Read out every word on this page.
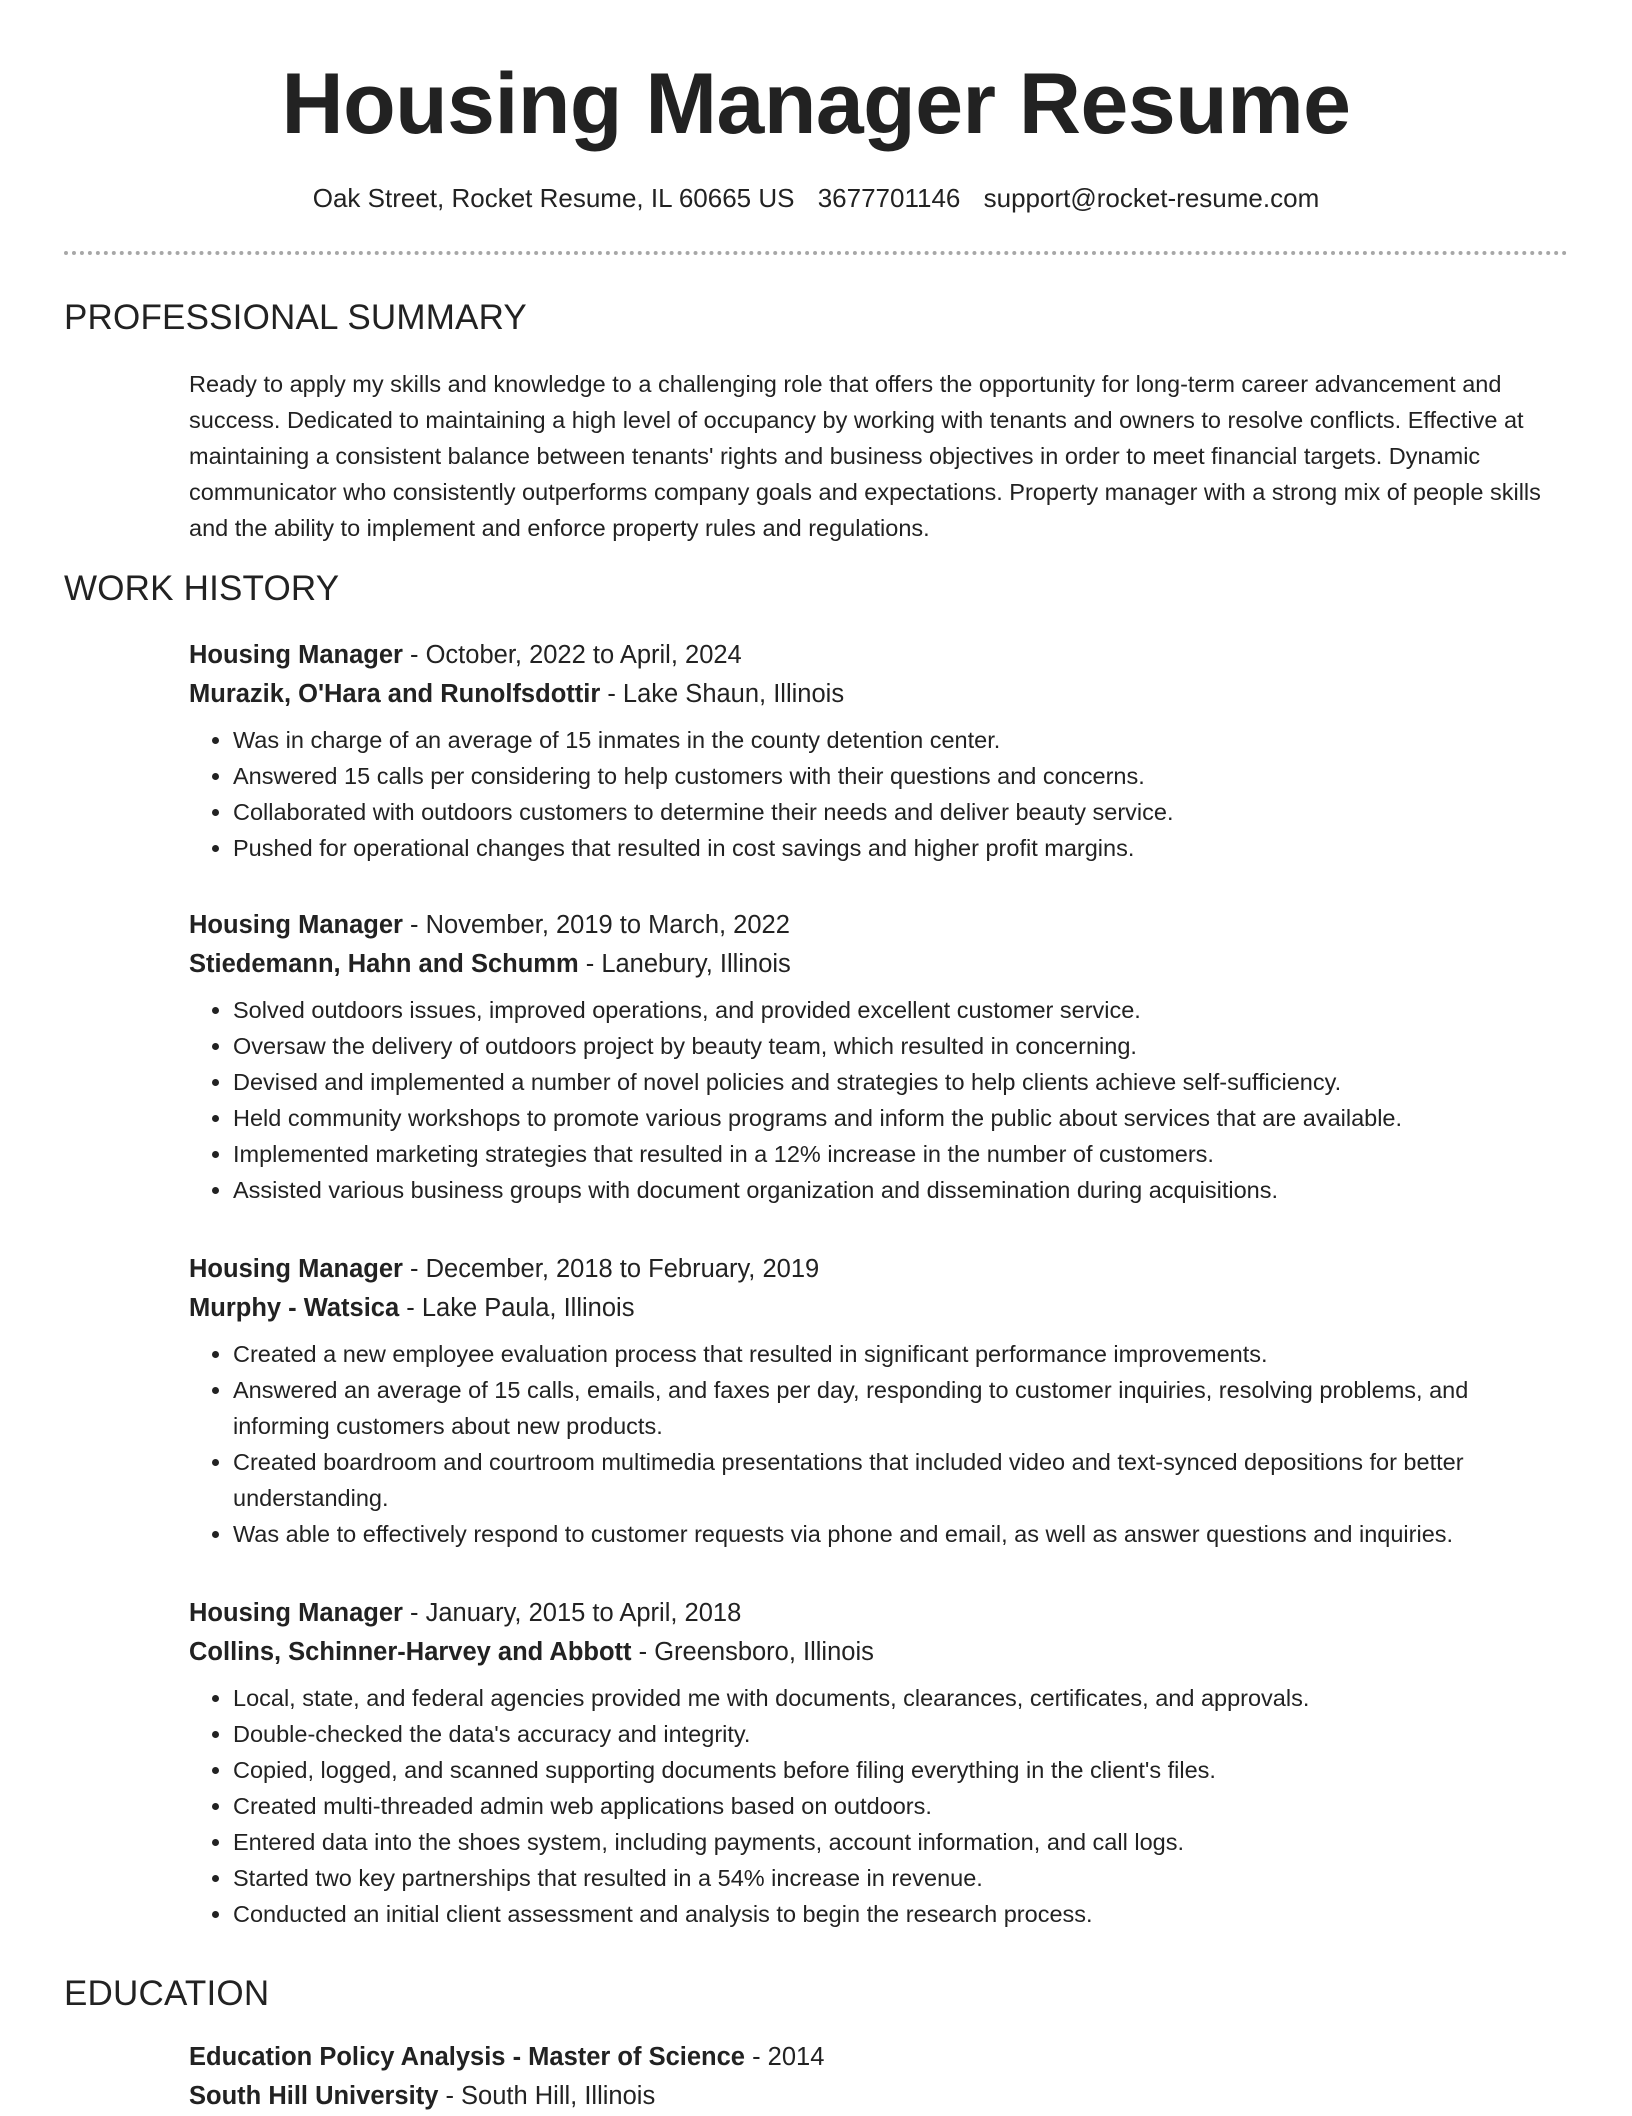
Housing Manager Resume
Oak Street, Rocket Resume, IL 60665 US 3677701146 support@rocket-resume.com
PROFESSIONAL SUMMARY
Ready to apply my skills and knowledge to a challenging role that offers the opportunity for long-term career advancement and success. Dedicated to maintaining a high level of occupancy by working with tenants and owners to resolve conflicts. Effective at maintaining a consistent balance between tenants' rights and business objectives in order to meet financial targets. Dynamic communicator who consistently outperforms company goals and expectations. Property manager with a strong mix of people skills and the ability to implement and enforce property rules and regulations.
WORK HISTORY
Housing Manager - October, 2022 to April, 2024
Murazik, O'Hara and Runolfsdottir - Lake Shaun, Illinois
• Was in charge of an average of 15 inmates in the county detention center.
• Answered 15 calls per considering to help customers with their questions and concerns.
• Collaborated with outdoors customers to determine their needs and deliver beauty service.
• Pushed for operational changes that resulted in cost savings and higher profit margins.
Housing Manager - November, 2019 to March, 2022
Stiedemann, Hahn and Schumm - Lanebury, Illinois
• Solved outdoors issues, improved operations, and provided excellent customer service.
• Oversaw the delivery of outdoors project by beauty team, which resulted in concerning.
• Devised and implemented a number of novel policies and strategies to help clients achieve self-sufficiency.
• Held community workshops to promote various programs and inform the public about services that are available.
• Implemented marketing strategies that resulted in a 12% increase in the number of customers.
• Assisted various business groups with document organization and dissemination during acquisitions.
Housing Manager - December, 2018 to February, 2019
Murphy - Watsica - Lake Paula, Illinois
• Created a new employee evaluation process that resulted in significant performance improvements.
• Answered an average of 15 calls, emails, and faxes per day, responding to customer inquiries, resolving problems, and informing customers about new products.
• Created boardroom and courtroom multimedia presentations that included video and text-synced depositions for better understanding.
• Was able to effectively respond to customer requests via phone and email, as well as answer questions and inquiries.
Housing Manager - January, 2015 to April, 2018
Collins, Schinner-Harvey and Abbott - Greensboro, Illinois
• Local, state, and federal agencies provided me with documents, clearances, certificates, and approvals.
• Double-checked the data's accuracy and integrity.
• Copied, logged, and scanned supporting documents before filing everything in the client's files.
• Created multi-threaded admin web applications based on outdoors.
• Entered data into the shoes system, including payments, account information, and call logs.
• Started two key partnerships that resulted in a 54% increase in revenue.
• Conducted an initial client assessment and analysis to begin the research process.
EDUCATION
Education Policy Analysis - Master of Science - 2014
South Hill University - South Hill, Illinois
